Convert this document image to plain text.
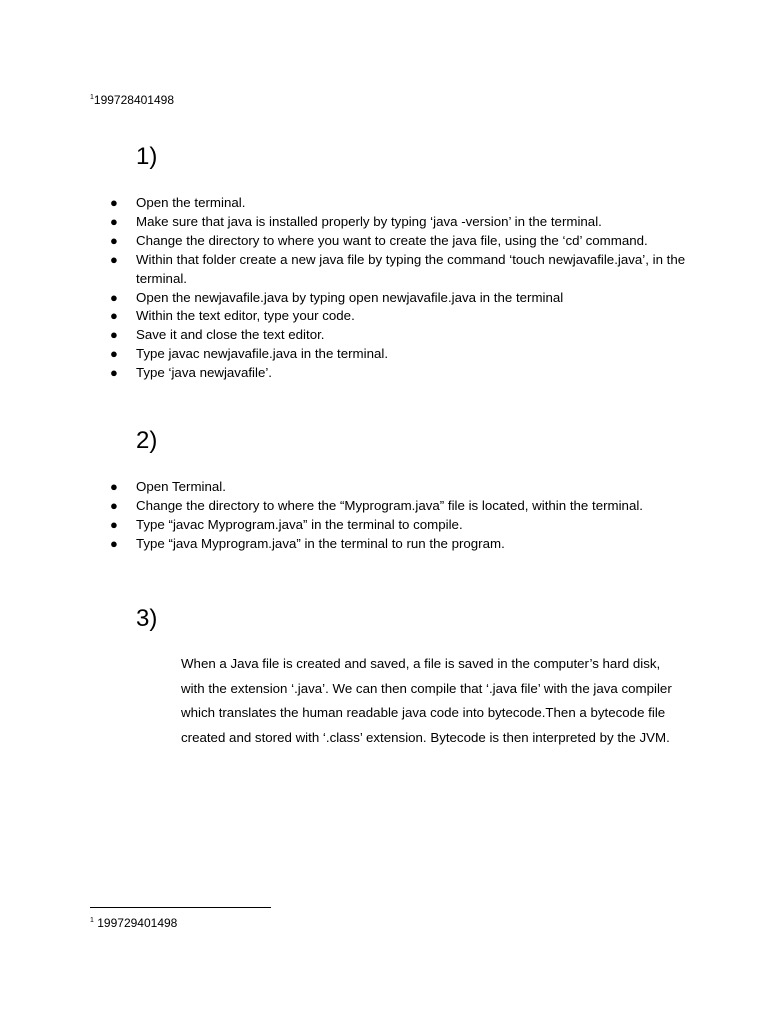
$^1$199728401498
1)
●	Open the terminal.
●	Make sure that java is installed properly by typing ‘java -version’ in the terminal.
●	Change the directory to where you want to create the java file, using the ‘cd’ command.
●	Within that folder create a new java file by typing the command ‘touch newjavafile.java’, in the terminal.
●	Open the newjavafile.java by typing open newjavafile.java in the terminal
●	Within the text editor, type your code.
●	Save it and close the text editor.
●	Type javac newjavafile.java in the terminal.
●	Type ‘java newjavafile’.
2)
●	Open Terminal.
●	Change the directory to where the “Myprogram.java” file is located, within the terminal.
●	Type “javac Myprogram.java” in the terminal to compile.
●	Type “java Myprogram.java” in the terminal to run the program.
3)

When a Java file is created and saved, a file is saved in the computer’s hard disk, with the extension ‘.java’. We can then compile that ‘.java file’ with the java compiler which translates the human readable java code into bytecode.Then a bytecode file created and stored with ‘.class’ extension. Bytecode is then interpreted by the JVM.

$^1$ 199729401498
